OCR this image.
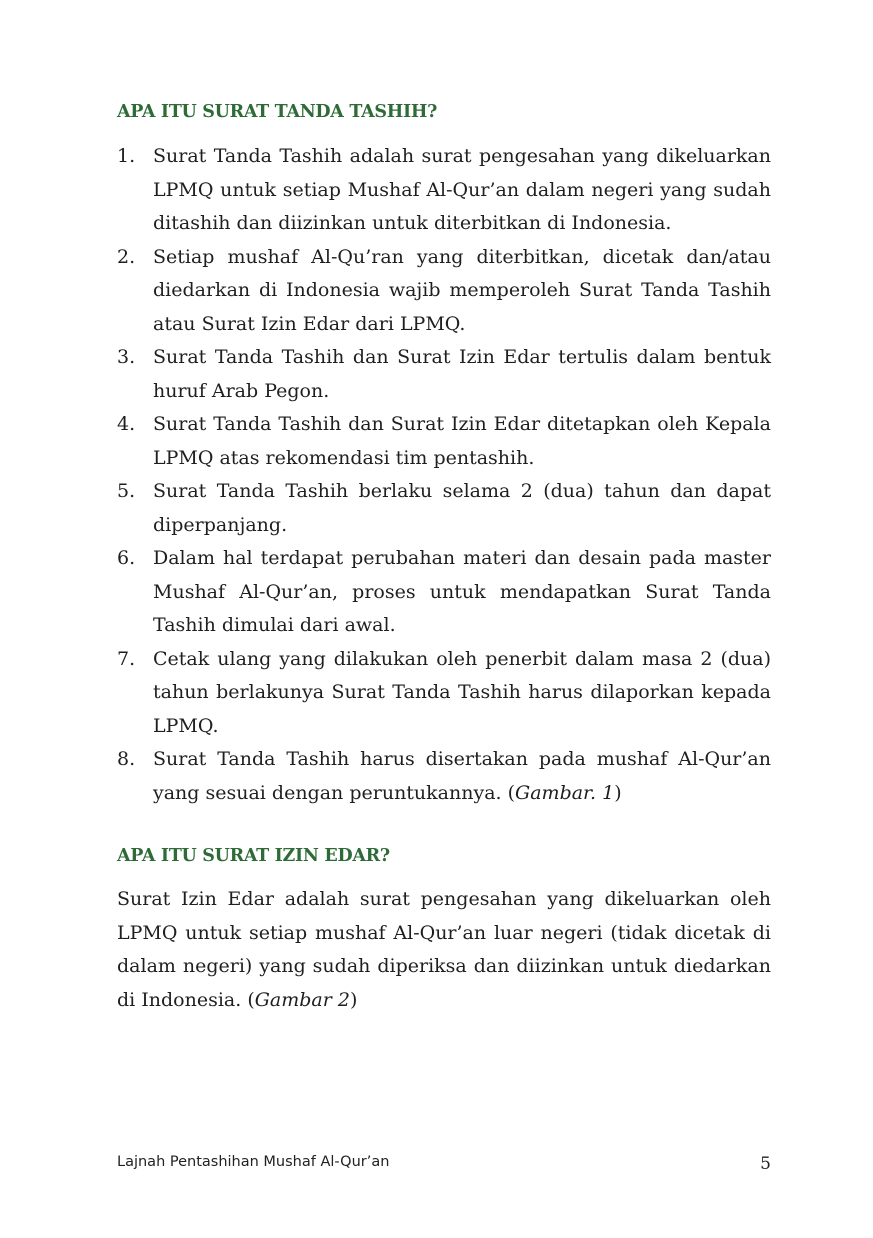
APA ITU SURAT TANDA TASHIH?
1. Surat Tanda Tashih adalah surat pengesahan yang dikeluarkan LPMQ untuk setiap Mushaf Al-Qur’an dalam negeri yang sudah ditashih dan diizinkan untuk diterbitkan di Indonesia.
2. Setiap mushaf Al-Qu’ran yang diterbitkan, dicetak dan/atau diedarkan di Indonesia wajib memperoleh Surat Tanda Tashih atau Surat Izin Edar dari LPMQ.
3. Surat Tanda Tashih dan Surat Izin Edar tertulis dalam bentuk huruf Arab Pegon.
4. Surat Tanda Tashih dan Surat Izin Edar ditetapkan oleh Kepala LPMQ atas rekomendasi tim pentashih.
5. Surat Tanda Tashih berlaku selama 2 (dua) tahun dan dapat diperpanjang.
6. Dalam hal terdapat perubahan materi dan desain pada master Mushaf Al-Qur’an, proses untuk mendapatkan Surat Tanda Tashih dimulai dari awal.
7. Cetak ulang yang dilakukan oleh penerbit dalam masa 2 (dua) tahun berlakunya Surat Tanda Tashih harus dilaporkan kepada LPMQ.
8. Surat Tanda Tashih harus disertakan pada mushaf Al-Qur’an yang sesuai dengan peruntukannya. (Gambar. 1)
APA ITU SURAT IZIN EDAR?

Surat Izin Edar adalah surat pengesahan yang dikeluarkan oleh LPMQ untuk setiap mushaf Al-Qur’an luar negeri (tidak dicetak di dalam negeri) yang sudah diperiksa dan diizinkan untuk diedarkan di Indonesia. (Gambar 2)

Lajnah Pentashihan Mushaf Al-Qur’an	5
